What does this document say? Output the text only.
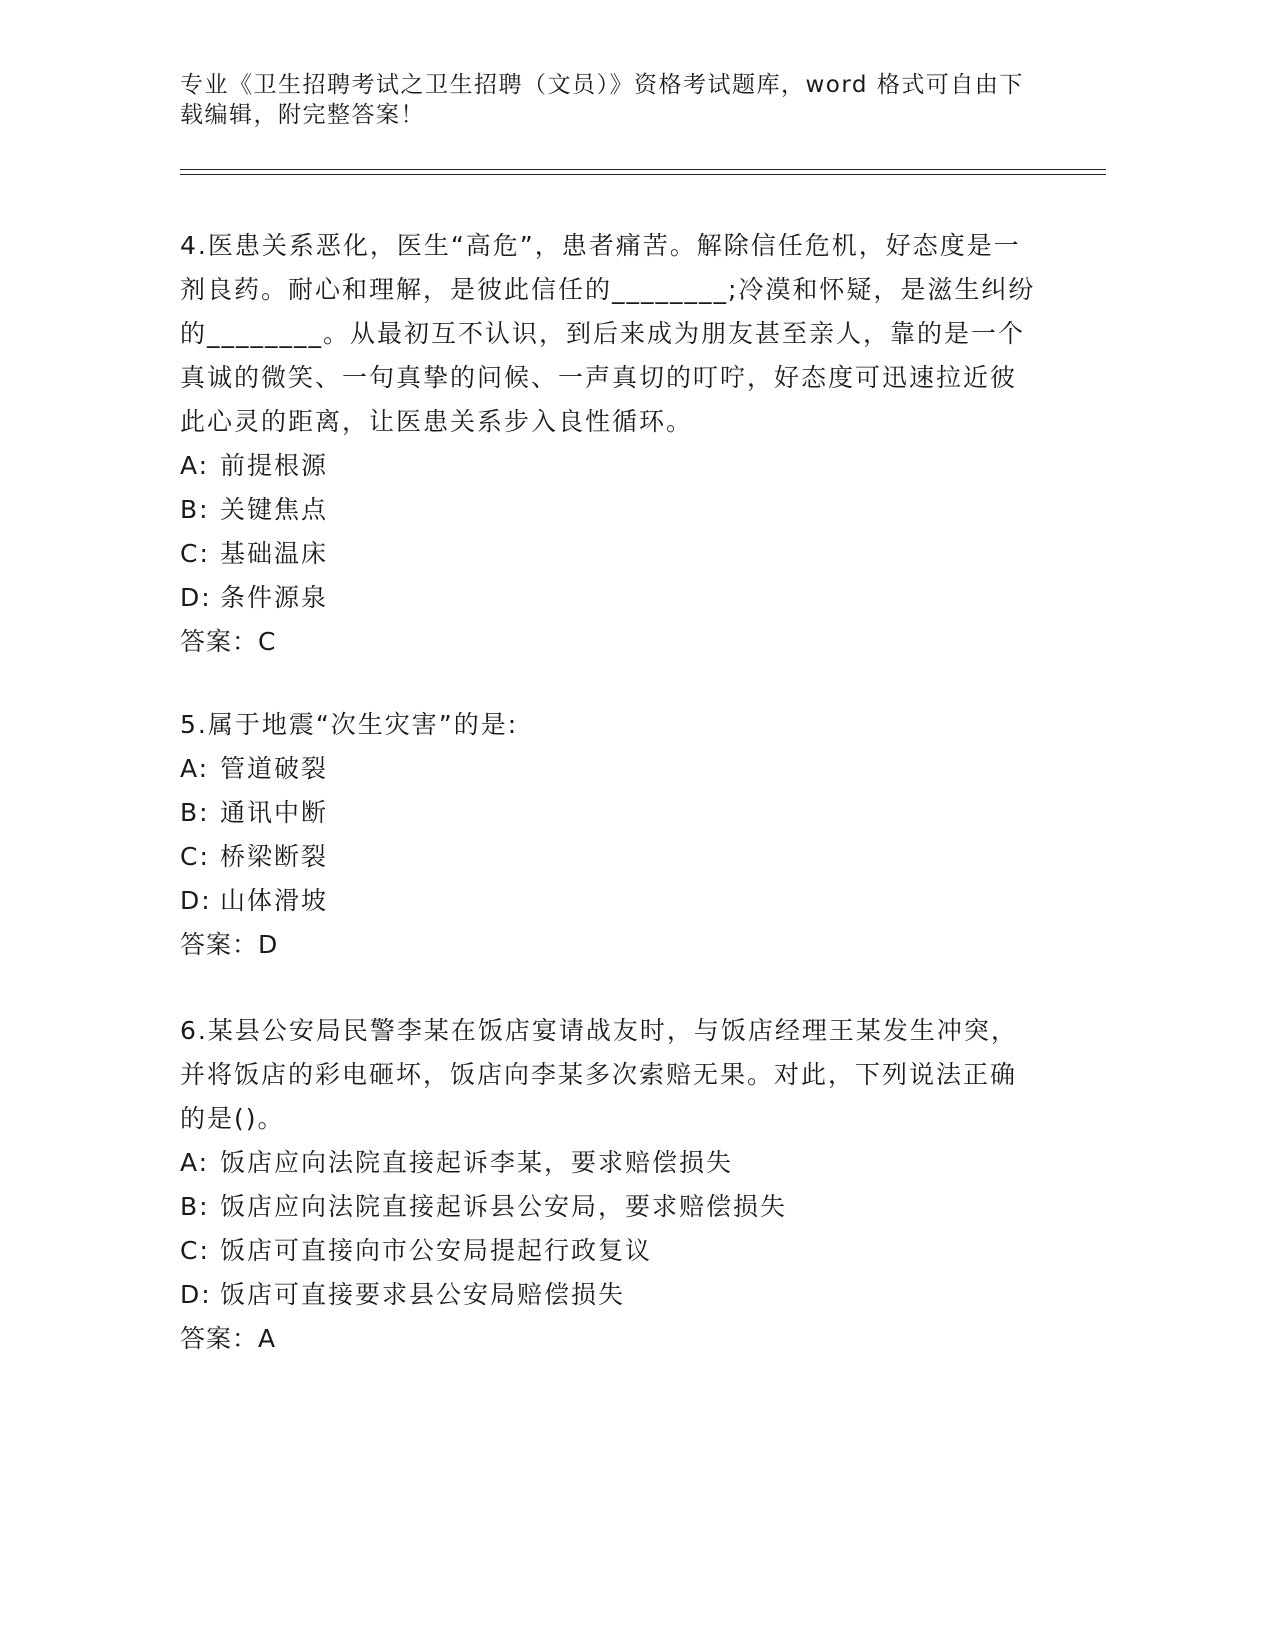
专业《卫生招聘考试之卫生招聘（文员）》资格考试题库，word 格式可自由下载编辑，附完整答案！

4.医患关系恶化，医生“高危”，患者痛苦。解除信任危机，好态度是一剂良药。耐心和理解，是彼此信任的________;冷漠和怀疑，是滋生纠纷的________。从最初互不认识，到后来成为朋友甚至亲人，靠的是一个真诚的微笑、一句真挚的问候、一声真切的叮咛，好态度可迅速拉近彼此心灵的距离，让医患关系步入良性循环。

A: 前提根源
B: 关键焦点
C: 基础温床
D: 条件源泉
答案：C

5.属于地震“次生灾害”的是:

A: 管道破裂
B: 通讯中断
C: 桥梁断裂
D: 山体滑坡
答案：D

6.某县公安局民警李某在饭店宴请战友时，与饭店经理王某发生冲突，并将饭店的彩电砸坏，饭店向李某多次索赔无果。对此，下列说法正确的是()。

A: 饭店应向法院直接起诉李某，要求赔偿损失
B: 饭店应向法院直接起诉县公安局，要求赔偿损失
C: 饭店可直接向市公安局提起行政复议
D: 饭店可直接要求县公安局赔偿损失
答案：A
